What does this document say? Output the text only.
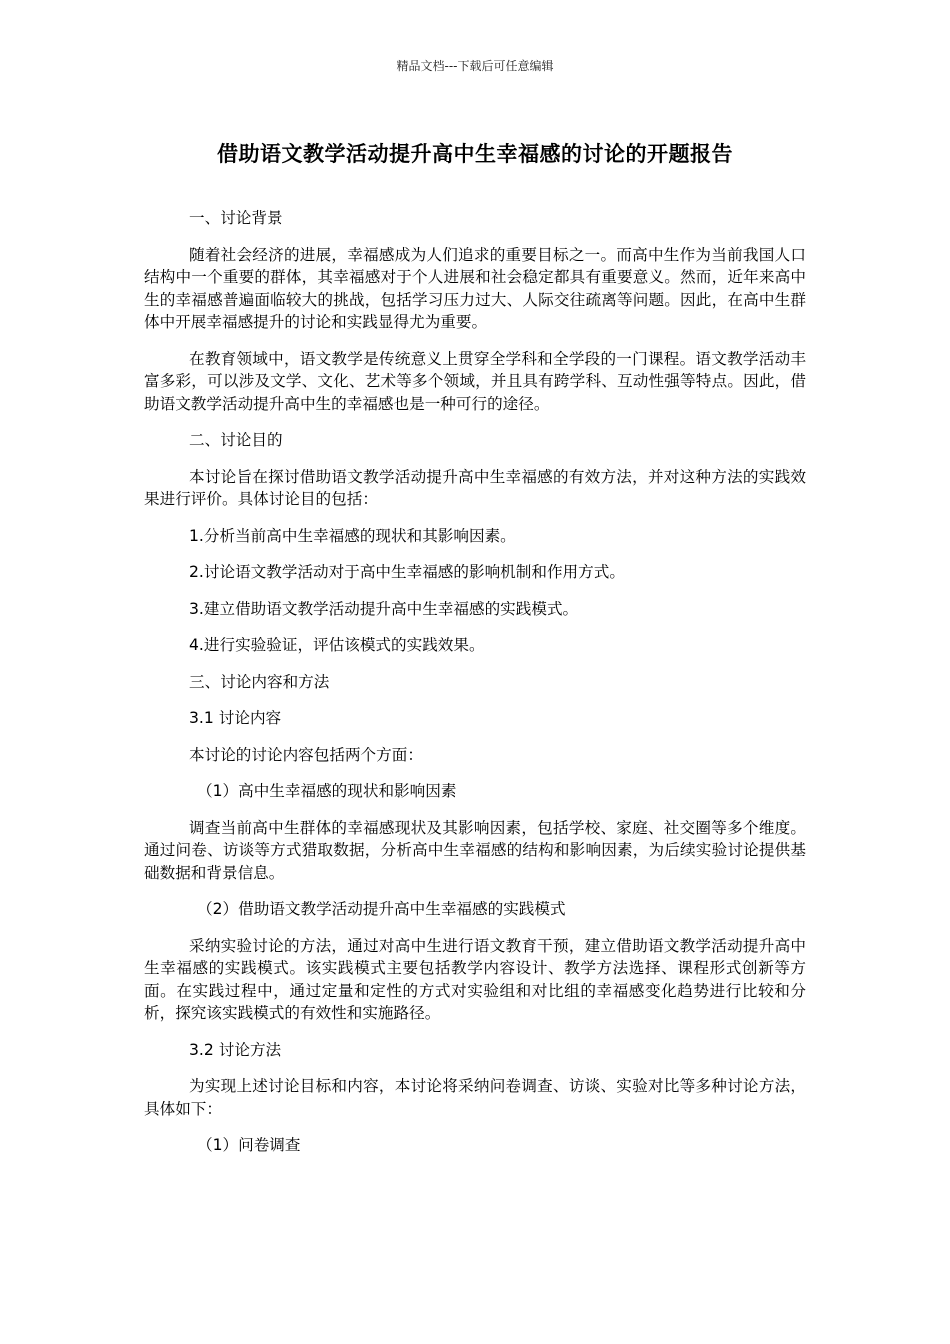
精品文档---下载后可任意编辑
借助语文教学活动提升高中生幸福感的讨论的开题报告

一、讨论背景

随着社会经济的进展，幸福感成为人们追求的重要目标之一。而高中生作为当前我国人口结构中一个重要的群体，其幸福感对于个人进展和社会稳定都具有重要意义。然而，近年来高中生的幸福感普遍面临较大的挑战，包括学习压力过大、人际交往疏离等问题。因此，在高中生群体中开展幸福感提升的讨论和实践显得尤为重要。

在教育领域中，语文教学是传统意义上贯穿全学科和全学段的一门课程。语文教学活动丰富多彩，可以涉及文学、文化、艺术等多个领域，并且具有跨学科、互动性强等特点。因此，借助语文教学活动提升高中生的幸福感也是一种可行的途径。

二、讨论目的

本讨论旨在探讨借助语文教学活动提升高中生幸福感的有效方法，并对这种方法的实践效果进行评价。具体讨论目的包括：

1.分析当前高中生幸福感的现状和其影响因素。

2.讨论语文教学活动对于高中生幸福感的影响机制和作用方式。

3.建立借助语文教学活动提升高中生幸福感的实践模式。

4.进行实验验证，评估该模式的实践效果。

三、讨论内容和方法

3.1 讨论内容

本讨论的讨论内容包括两个方面：

（1）高中生幸福感的现状和影响因素

调查当前高中生群体的幸福感现状及其影响因素，包括学校、家庭、社交圈等多个维度。通过问卷、访谈等方式猎取数据，分析高中生幸福感的结构和影响因素，为后续实验讨论提供基础数据和背景信息。

（2）借助语文教学活动提升高中生幸福感的实践模式

采纳实验讨论的方法，通过对高中生进行语文教育干预，建立借助语文教学活动提升高中生幸福感的实践模式。该实践模式主要包括教学内容设计、教学方法选择、课程形式创新等方面。在实践过程中，通过定量和定性的方式对实验组和对比组的幸福感变化趋势进行比较和分析，探究该实践模式的有效性和实施路径。

3.2 讨论方法

为实现上述讨论目标和内容，本讨论将采纳问卷调查、访谈、实验对比等多种讨论方法，具体如下：

（1）问卷调查
